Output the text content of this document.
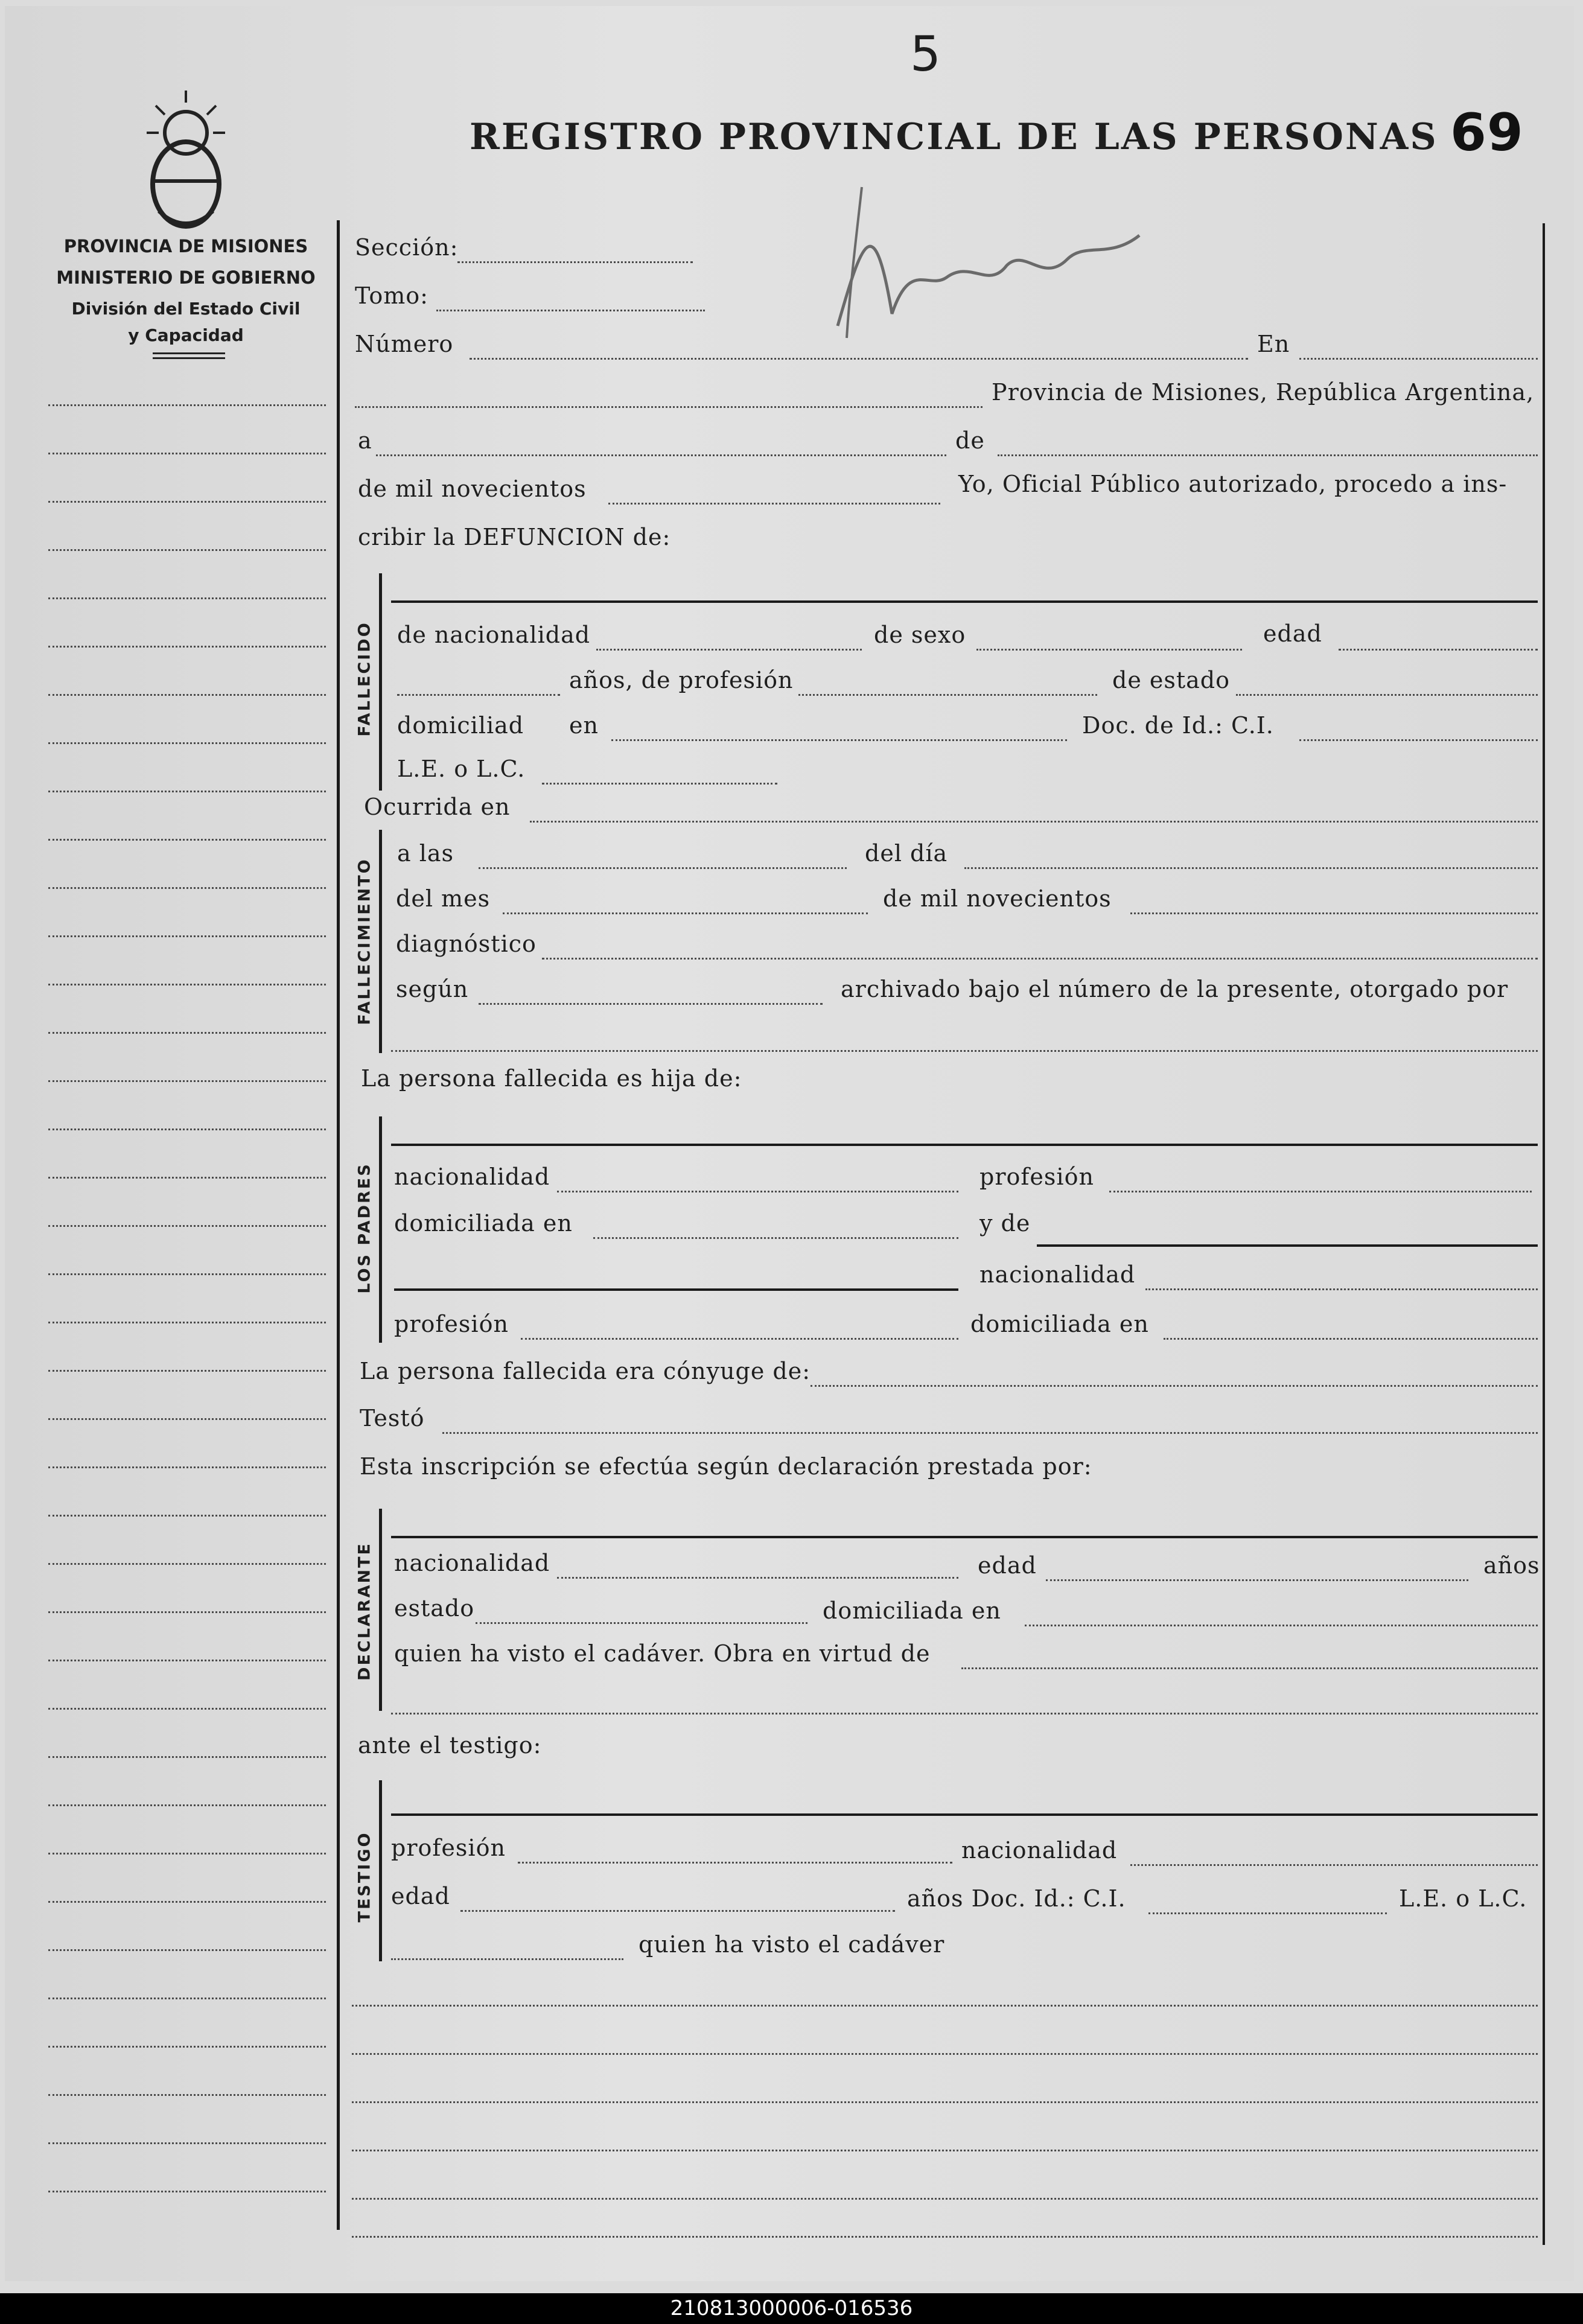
5
REGISTRO PROVINCIAL DE LAS PERSONAS 69
PROVINCIA DE MISIONES
MINISTERIO DE GOBIERNO
División del Estado Civil
y Capacidad
Sección:
Tomo:
Número	En
Provincia de Misiones, República Argentina,
a	de
de mil novecientos	Yo, Oficial Público autorizado, procedo a ins-
cribir la DEFUNCION de:
FALLECIDO de nacionalidad	de sexo	edad
años, de profesión	de estado
domiciliad en	Doc. de Id.: C.I.
L.E. o L.C.
Ocurrida en
FALLECIMIENTO
a las	del día
del mes	de mil novecientos
diagnóstico
según	archivado bajo el número de la presente, otorgado por
La persona fallecida es hija de:
LOS PADRES nacionalidad	profesión
domiciliada en	y de
nacionalidad
profesión	domiciliada en
La persona fallecida era cónyuge de:
Testó
Esta inscripción se efectúa según declaración prestada por:
DECLARANTE nacionalidad	edad	años
estado	domiciliada en
quien ha visto el cadáver. Obra en virtud de
ante el testigo:
TESTIGO profesión	nacionalidad
edad	años Doc. Id.: C.I.	L.E. o L.C.
quien ha visto el cadáver
210813000006-016536
